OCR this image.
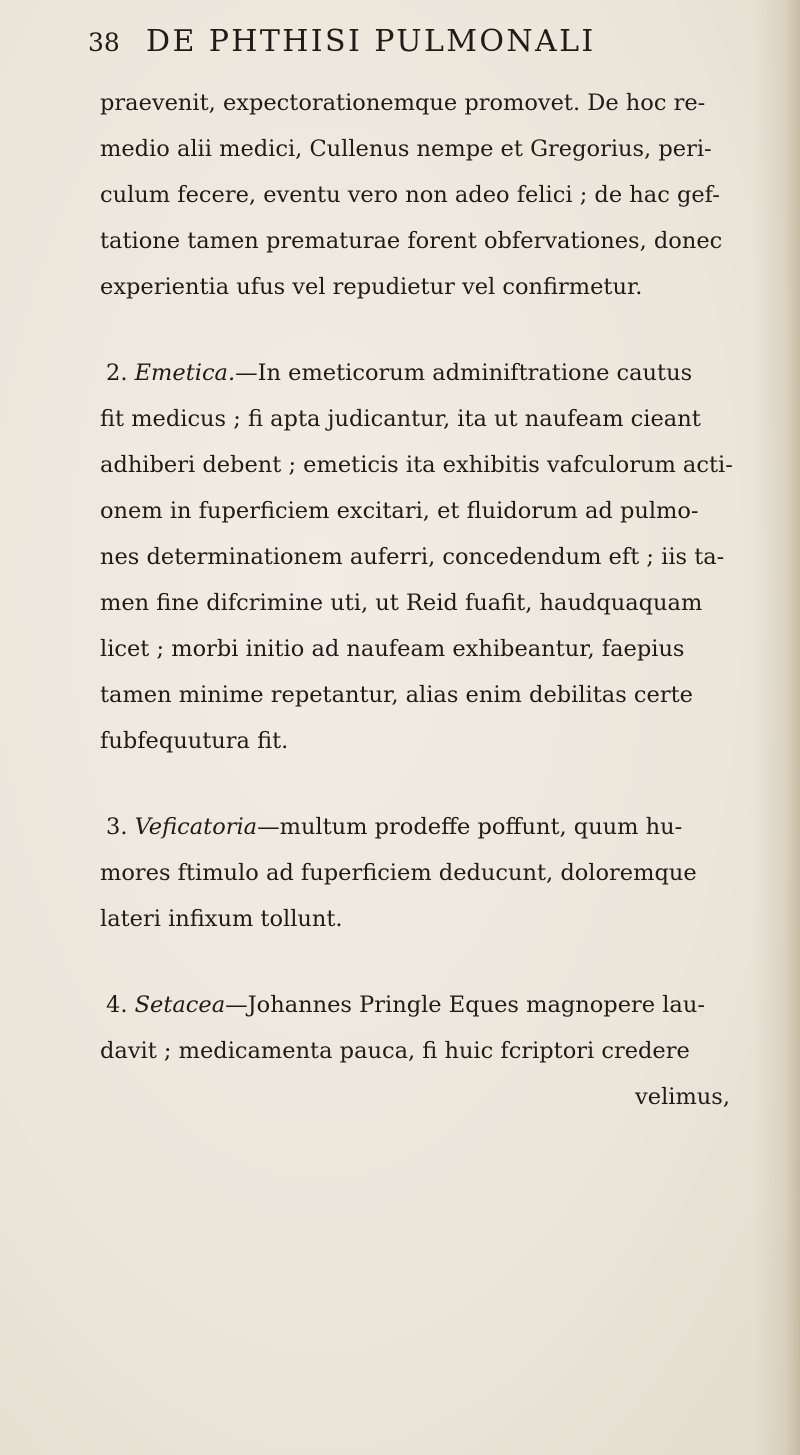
38 DE PHTHISI PULMONALI
praevenit, expectorationemque promovet. De hoc re-
medio alii medici, Cullenus nempe et Gregorius, peri-
culum fecere, eventu vero non adeo felici ; de hac gef-
tatione tamen prematurae forent obfervationes, donec
experientia ufus vel repudietur vel confirmetur.
2. Emetica.—In emeticorum adminiftratione cautus
fit medicus ; fi apta judicantur, ita ut naufeam cieant
adhiberi debent ; emeticis ita exhibitis vafculorum acti-
onem in fuperficiem excitari, et fluidorum ad pulmo-
nes determinationem auferri, concedendum eft ; iis ta-
men fine difcrimine uti, ut Reid fuafit, haudquaquam
licet ; morbi initio ad naufeam exhibeantur, faepius
tamen minime repetantur, alias enim debilitas certe
fubfequutura fit.
3. Veficatoria—multum prodeffe poffunt, quum hu-
mores ftimulo ad fuperficiem deducunt, doloremque
lateri infixum tollunt.
4. Setacea—Johannes Pringle Eques magnopere lau-
davit ; medicamenta pauca, fi huic fcriptori credere
velimus,
